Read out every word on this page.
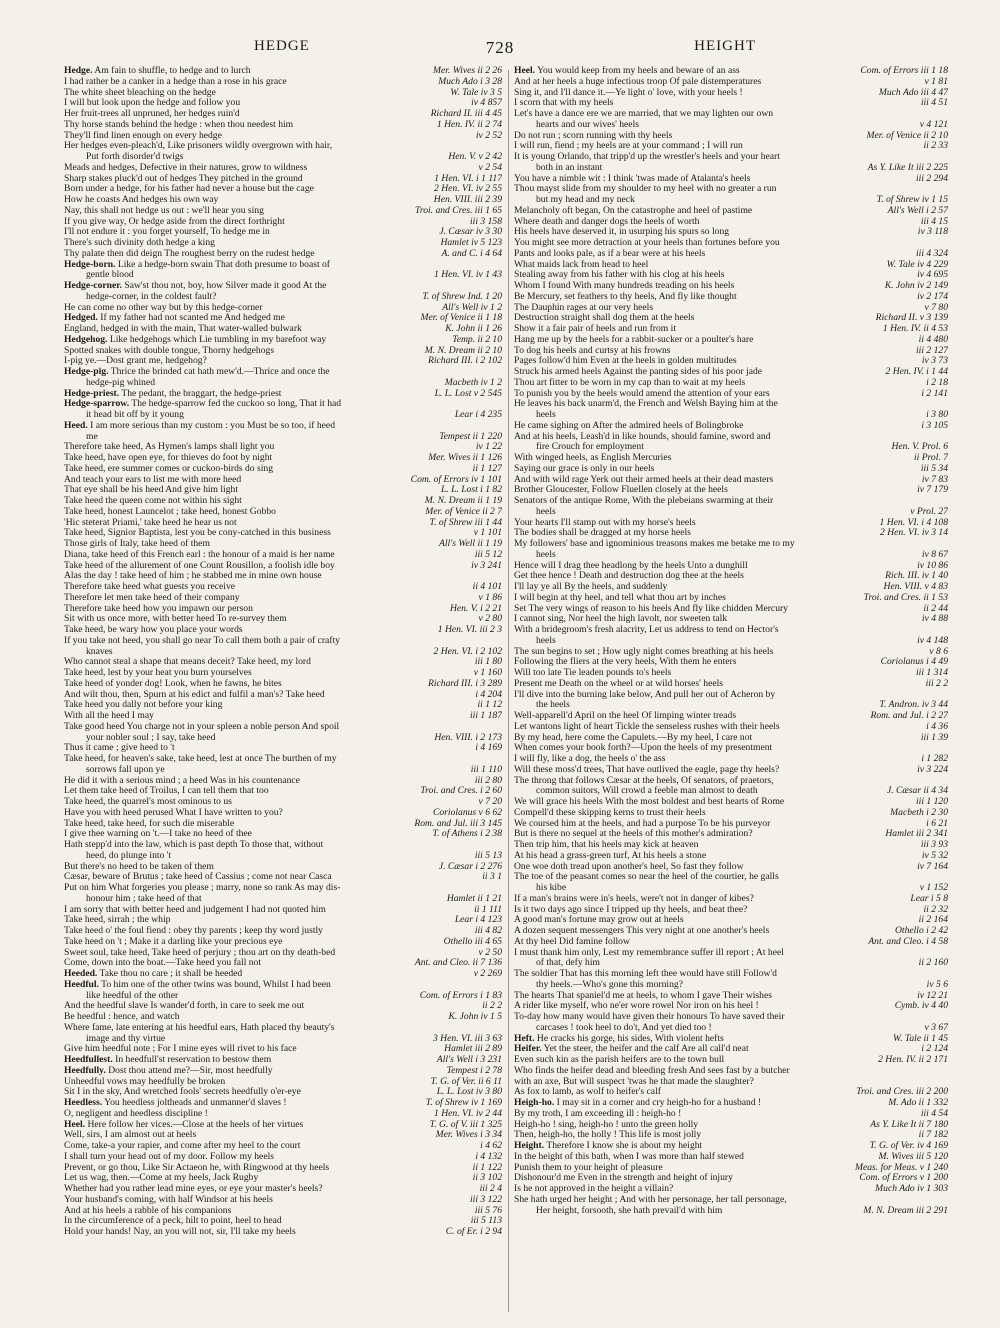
HEDGE	728	HEIGHT
Hedge. Am fain to shuffle, to hedge and to lurch	Mer. Wives ii 2 26
I had rather be a canker in a hedge than a rose in his grace	Much Ado i 3 28
The white sheet bleaching on the hedge	W. Tale iv 3 5
I will but look upon the hedge and follow you	iv 4 857
Her fruit-trees all unpruned, her hedges ruin'd	Richard II. iii 4 45
Thy horse stands behind the hedge : when thou needest him	1 Hen. IV. ii 2 74
They'll find linen enough on every hedge	iv 2 52
Her hedges even-pleach'd, Like prisoners wildly overgrown with hair,
Put forth disorder'd twigs	Hen. V. v 2 42
Meads and hedges, Defective in their natures, grow to wildness	v 2 54
Sharp stakes pluck'd out of hedges They pitched in the ground	1 Hen. VI. i 1 117
Born under a hedge, for his father had never a house but the cage	2 Hen. VI. iv 2 55
How he coasts And hedges his own way	Hen. VIII. iii 2 39
Nay, this shall not hedge us out : we'll hear you sing	Troi. and Cres. iii 1 65
If you give way, Or hedge aside from the direct forthright	iii 3 158
I'll not endure it : you forget yourself, To hedge me in	J. Cæsar iv 3 30
There's such divinity doth hedge a king	Hamlet iv 5 123
Thy palate then did deign The roughest berry on the rudest hedge	A. and C. i 4 64
Hedge-born. Like a hedge-born swain That doth presume to boast of
gentle blood	1 Hen. VI. iv 1 43
Hedge-corner. Saw'st thou not, boy, how Silver made it good At the
hedge-corner, in the coldest fault?	T. of Shrew Ind. 1 20
He can come no other way but by this hedge-corner	All's Well iv 1 2
Hedged. If my father had not scanted me And hedged me	Mer. of Venice ii 1 18
England, hedged in with the main, That water-walled bulwark	K. John ii 1 26
Hedgehog. Like hedgehogs which Lie tumbling in my barefoot way	Temp. ii 2 10
Spotted snakes with double tongue, Thorny hedgehogs	M. N. Dream ii 2 10
I-pig ye.—Dost grant me, hedgehog?	Richard III. i 2 102
Hedge-pig. Thrice the brinded cat hath mew'd.—Thrice and once the
hedge-pig whined	Macbeth iv 1 2
Hedge-priest. The pedant, the braggart, the hedge-priest	L. L. Lost v 2 545
Hedge-sparrow. The hedge-sparrow fed the cuckoo so long, That it had
it head bit off by it young	Lear i 4 235
Heed. I am more serious than my custom : you Must be so too, if heed
me	Tempest ii 1 220
Therefore take heed, As Hymen's lamps shall light you	iv 1 22
Take heed, have open eye, for thieves do foot by night	Mer. Wives ii 1 126
Take heed, ere summer comes or cuckoo-birds do sing	ii 1 127
And teach your ears to list me with more heed	Com. of Errors iv 1 101
That eye shall be his heed And give him light	L. L. Lost i 1 82
Take heed the queen come not within his sight	M. N. Dream ii 1 19
Take heed, honest Launcelot ; take heed, honest Gobbo	Mer. of Venice ii 2 7
'Hic steterat Priami,' take heed he hear us not	T. of Shrew iii 1 44
Take heed, Signior Baptista, lest you be cony-catched in this business	v 1 101
Those girls of Italy, take heed of them	All's Well ii 1 19
Diana, take heed of this French earl : the honour of a maid is her name	iii 5 12
Take heed of the allurement of one Count Rousillon, a foolish idle boy	iv 3 241
Alas the day ! take heed of him ; he stabbed me in mine own house
Therefore take heed what guests you receive	ii 4 101
Therefore let men take heed of their company	v 1 86
Therefore take heed how you impawn our person	Hen. V. i 2 21
Sit with us once more, with better heed To re-survey them	v 2 80
Take heed, be wary how you place your words	1 Hen. VI. iii 2 3
If you take not heed, you shall go near To call them both a pair of crafty
knaves	2 Hen. VI. i 2 102
Who cannot steal a shape that means deceit? Take heed, my lord	iii 1 80
Take heed, lest by your heat you burn yourselves	v 1 160
Take heed of yonder dog! Look, when he fawns, he bites	Richard III. i 3 289
And wilt thou, then, Spurn at his edict and fulfil a man's? Take heed	i 4 204
Take heed you dally not before your king	ii 1 12
With all the heed I may	iii 1 187
Take good heed You charge not in your spleen a noble person And spoil
your nobler soul ; I say, take heed	Hen. VIII. i 2 173
Thus it came ; give heed to 't	i 4 169
Take heed, for heaven's sake, take heed, lest at once The burthen of my
sorrows fall upon ye	iii 1 110
He did it with a serious mind ; a heed Was in his countenance	iii 2 80
Let them take heed of Troilus, I can tell them that too	Troi. and Cres. i 2 60
Take heed, the quarrel's most ominous to us	v 7 20
Have you with heed perused What I have written to you?	Coriolanus v 6 62
Take heed, take heed, for such die miserable	Rom. and Jul. iii 3 145
I give thee warning on 't.—I take no heed of thee	T. of Athens i 2 38
Hath stepp'd into the law, which is past depth To those that, without
heed, do plunge into 't	iii 5 13
But there's no heed to be taken of them	J. Cæsar i 2 276
Cæsar, beware of Brutus ; take heed of Cassius ; come not near Casca	ii 3 1
Put on him What forgeries you please ; marry, none so rank As may dis-
honour him ; take heed of that	Hamlet ii 1 21
I am sorry that with better heed and judgement I had not quoted him	ii 1 111
Take heed, sirrah ; the whip	Lear i 4 123
Take heed o' the foul fiend : obey thy parents ; keep thy word justly	iii 4 82
Take heed on 't ; Make it a darling like your precious eye	Othello iii 4 65
Sweet soul, take heed, Take heed of perjury ; thou art on thy death-bed	v 2 50
Come, down into the boat.—Take heed you fall not	Ant. and Cleo. ii 7 136
Heeded. Take thou no care ; it shall be heeded	v 2 269
Heedful. To him one of the other twins was bound, Whilst I had been
like heedful of the other	Com. of Errors i 1 83
And the heedful slave Is wander'd forth, in care to seek me out	ii 2 2
Be heedful : hence, and watch	K. John iv 1 5
Where fame, late entering at his heedful ears, Hath placed thy beauty's
image and thy virtue	3 Hen. VI. iii 3 63
Give him heedful note ; For I mine eyes will rivet to his face	Hamlet iii 2 89
Heedfullest. In heedfull'st reservation to bestow them	All's Well i 3 231
Heedfully. Dost thou attend me?—Sir, most heedfully	Tempest i 2 78
Unheedful vows may heedfully be broken	T. G. of Ver. ii 6 11
Sit I in the sky, And wretched fools' secrets heedfully o'er-eye	L. L. Lost iv 3 80
Heedless. You heedless joltheads and unmanner'd slaves !	T. of Shrew iv 1 169
O, negligent and heedless discipline !	1 Hen. VI. iv 2 44
Heel. Here follow her vices.—Close at the heels of her virtues	T. G. of V. iii 1 325
Well, sirs, I am almost out at heels	Mer. Wives i 3 34
Come, take-a your rapier, and come after my heel to the court	i 4 62
I shall turn your head out of my door. Follow my heels	i 4 132
Prevent, or go thou, Like Sir Actaeon he, with Ringwood at thy heels	ii 1 122
Let us wag, then.—Come at my heels, Jack Rugby	ii 3 102
Whether had you rather lead mine eyes, or eye your master's heels?	iii 2 4
Your husband's coming, with half Windsor at his heels	iii 3 122
And at his heels a rabble of his companions	iii 5 76
In the circumference of a peck, hilt to point, heel to head	iii 5 113
Hold your hands! Nay, an you will not, sir, I'll take my heels	C. of Er. i 2 94
Heel. You would keep from my heels and beware of an ass	Com. of Errors iii 1 18
And at her heels a huge infectious troop Of pale distemperatures	v 1 81
Sing it, and I'll dance it.—Ye light o' love, with your heels !	Much Ado iii 4 47
I scorn that with my heels	iii 4 51
Let's have a dance ere we are married, that we may lighten our own
hearts and our wives' heels	v 4 121
Do not run ; scorn running with thy heels	Mer. of Venice ii 2 10
I will run, fiend ; my heels are at your command ; I will run	ii 2 33
It is young Orlando, that tripp'd up the wrestler's heels and your heart
both in an instant	As Y. Like It iii 2 225
You have a nimble wit : I think 'twas made of Atalanta's heels	iii 2 294
Thou mayst slide from my shoulder to my heel with no greater a run
but my head and my neck	T. of Shrew iv 1 15
Melancholy oft began, On the catastrophe and heel of pastime	All's Well i 2 57
Where death and danger dogs the heels of worth	iii 4 15
His heels have deserved it, in usurping his spurs so long	iv 3 118
You might see more detraction at your heels than fortunes before you
Pants and looks pale, as if a bear were at his heels	iii 4 324
What maids lack from head to heel	W. Tale iv 4 229
Stealing away from his father with his clog at his heels	iv 4 695
Whom I found With many hundreds treading on his heels	K. John iv 2 149
Be Mercury, set feathers to thy heels, And fly like thought	iv 2 174
The Dauphin rages at our very heels	v 7 80
Destruction straight shall dog them at the heels	Richard II. v 3 139
Show it a fair pair of heels and run from it	1 Hen. IV. ii 4 53
Hang me up by the heels for a rabbit-sucker or a poulter's hare	ii 4 480
To dog his heels and curtsy at his frowns	iii 2 127
Pages follow'd him Even at the heels in golden multitudes	iv 3 73
Struck his armed heels Against the panting sides of his poor jade	2 Hen. IV. i 1 44
Thou art fitter to be worn in my cap than to wait at my heels	i 2 18
To punish you by the heels would amend the attention of your ears	i 2 141
He leaves his back unarm'd, the French and Welsh Baying him at the
heels	i 3 80
He came sighing on After the admired heels of Bolingbroke	i 3 105
And at his heels, Leash'd in like hounds, should famine, sword and
fire Crouch for employment	Hen. V. Prol. 6
With winged heels, as English Mercuries	ii Prol. 7
Saying our grace is only in our heels	iii 5 34
And with wild rage Yerk out their armed heels at their dead masters	iv 7 83
Brother Gloucester, Follow Fluellen closely at the heels	iv 7 179
Senators of the antique Rome, With the plebeians swarming at their
heels	v Prol. 27
Your hearts I'll stamp out with my horse's heels	1 Hen. VI. i 4 108
The bodies shall be dragged at my horse heels	2 Hen. VI. iv 3 14
My followers' base and ignominious treasons makes me betake me to my
heels	iv 8 67
Hence will I drag thee headlong by the heels Unto a dunghill	iv 10 86
Get thee hence ! Death and destruction dog thee at the heels	Rich. III. iv 1 40
I'll lay ye all By the heels, and suddenly	Hen. VIII. v 4 83
I will begin at thy heel, and tell what thou art by inches	Troi. and Cres. ii 1 53
Set The very wings of reason to his heels And fly like chidden Mercury	ii 2 44
I cannot sing, Nor heel the high lavolt, nor sweeten talk	iv 4 88
With a bridegroom's fresh alacrity, Let us address to tend on Hector's
heels	iv 4 148
The sun begins to set ; How ugly night comes breathing at his heels	v 8 6
Following the fliers at the very heels, With them he enters	Coriolanus i 4 49
Will too late Tie leaden pounds to's heels	iii 1 314
Present me Death on the wheel or at wild horses' heels	iii 2 2
I'll dive into the burning lake below, And pull her out of Acheron by
the heels	T. Andron. iv 3 44
Well-apparell'd April on the heel Of limping winter treads	Rom. and Jul. i 2 27
Let wantons light of heart Tickle the senseless rushes with their heels	i 4 36
By my head, here come the Capulets.—By my heel, I care not	iii 1 39
When comes your book forth?—Upon the heels of my presentment
I will fly, like a dog, the heels o' the ass	i 1 282
Will these moss'd trees, That have outlived the eagle, page thy heels?	iv 3 224
The throng that follows Cæsar at the heels, Of senators, of praetors,
common suitors, Will crowd a feeble man almost to death	J. Cæsar ii 4 34
We will grace his heels With the most boldest and best hearts of Rome	iii 1 120
Compell'd these skipping kerns to trust their heels	Macbeth i 2 30
We coursed him at the heels, and had a purpose To be his purveyor	i 6 21
But is there no sequel at the heels of this mother's admiration?	Hamlet iii 2 341
Then trip him, that his heels may kick at heaven	iii 3 93
At his head a grass-green turf, At his heels a stone	iv 5 32
One woe doth tread upon another's heel, So fast they follow	iv 7 164
The toe of the peasant comes so near the heel of the courtier, he galls
his kibe	v 1 152
If a man's brains were in's heels, were't not in danger of kibes?	Lear i 5 8
Is it two days ago since I tripped up thy heels, and beat thee?	ii 2 32
A good man's fortune may grow out at heels	ii 2 164
A dozen sequent messengers This very night at one another's heels	Othello i 2 42
At thy heel Did famine follow	Ant. and Cleo. i 4 58
I must thank him only, Lest my remembrance suffer ill report ; At heel
of that, defy him	ii 2 160
The soldier That has this morning left thee would have still Follow'd
thy heels.—Who's gone this morning?	iv 5 6
The hearts That spaniel'd me at heels, to whom I gave Their wishes	iv 12 21
A rider like myself, who ne'er wore rowel Nor iron on his heel !	Cymb. iv 4 40
To-day how many would have given their honours To have saved their
carcases ! took heel to do't, And yet died too !	v 3 67
Heft. He cracks his gorge, his sides, With violent hefts	W. Tale ii 1 45
Heifer. Yet the steer, the heifer and the calf Are all call'd neat	i 2 124
Even such kin as the parish heifers are to the town bull	2 Hen. IV. ii 2 171
Who finds the heifer dead and bleeding fresh And sees fast by a butcher
with an axe, But will suspect 'twas he that made the slaughter?
As fox to lamb, as wolf to heifer's calf	Troi. and Cres. iii 2 200
Heigh-ho. I may sit in a corner and cry heigh-ho for a husband !	M. Ado ii 1 332
By my troth, I am exceeding ill : heigh-ho !	iii 4 54
Heigh-ho ! sing, heigh-ho ! unto the green holly	As Y. Like It ii 7 180
Then, heigh-ho, the holly ! This life is most jolly	ii 7 182
Height. Therefore I know she is about my height	T. G. of Ver. iv 4 169
In the height of this bath, when I was more than half stewed	M. Wives iii 5 120
Punish them to your height of pleasure	Meas. for Meas. v 1 240
Dishonour'd me Even in the strength and height of injury	Com. of Errors v 1 200
Is he not approved in the height a villain?	Much Ado iv 1 303
She hath urged her height ; And with her personage, her tall personage,
Her height, forsooth, she hath prevail'd with him	M. N. Dream iii 2 291
